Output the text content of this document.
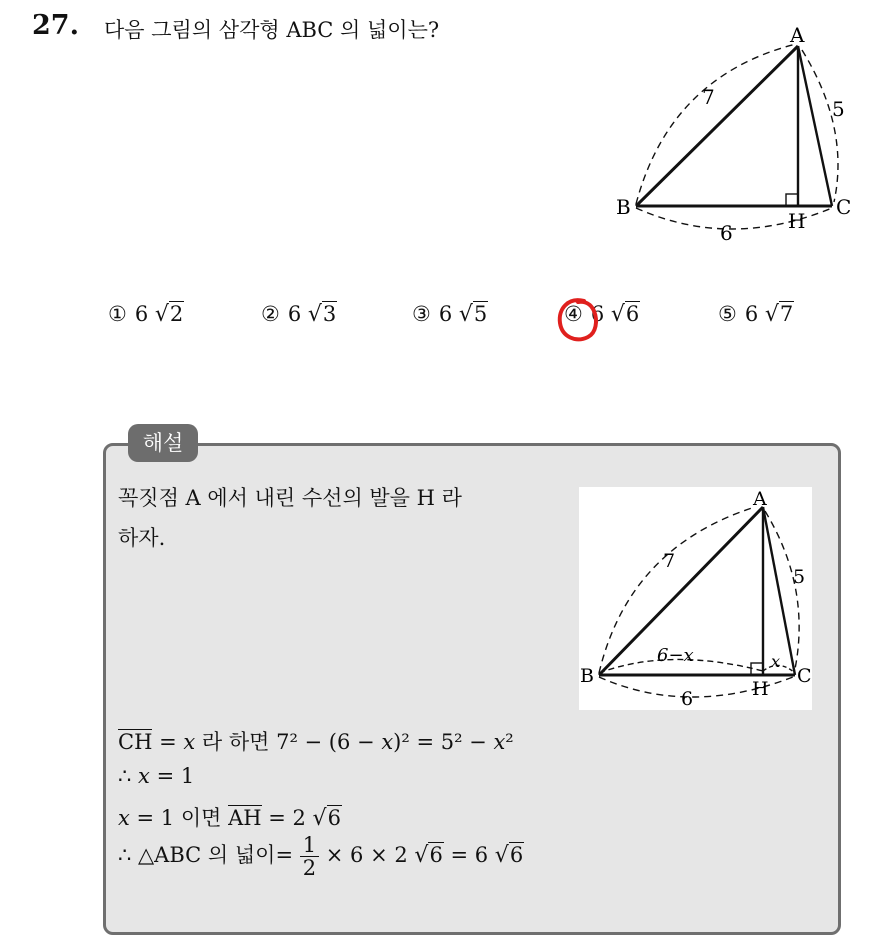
27. 다음 그림의 삼각형 ABC 의 넓이는?	A
B	C
H
7	5
6
① 6 √2	② 6 √3	③ 6 √5	④ 6 √6	⑤ 6 √7
해설
꼭짓점 A 에서 내린 수선의 발을 H 라
하자.
A
B	C
H
7
5
6
6−x	x
CH = x 라 하면 7² − (6 − x)² = 5² − x²
∴ x = 1
x = 1 이면 AH = 2 √6
∴ △ABC 의 넓이= $\frac{1}{2} \times 6 \times 2$ √6 = 6 √6
